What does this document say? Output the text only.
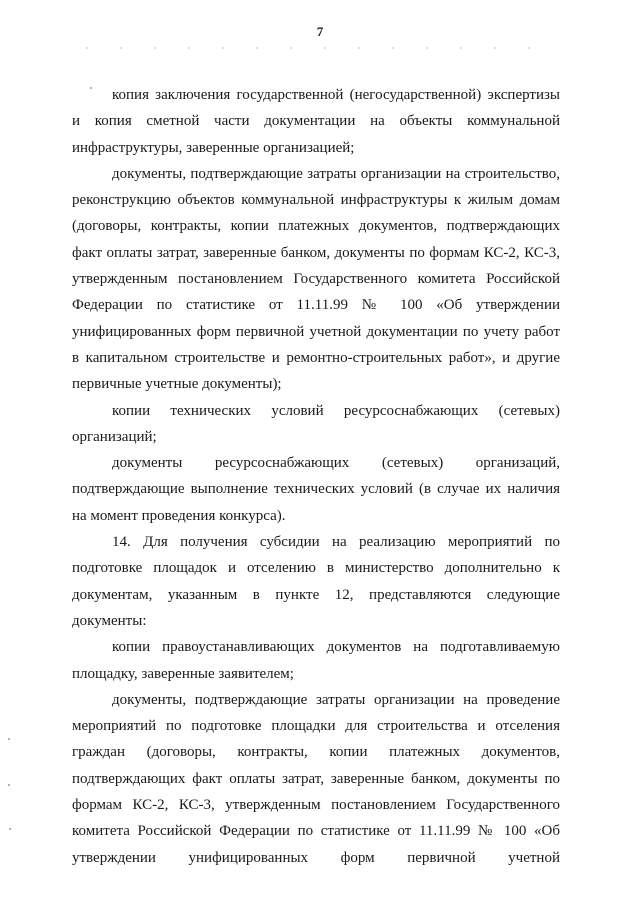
7

копия заключения государственной (негосударственной) экспертизы и копия сметной части документации на объекты коммунальной инфраструктуры, заверенные организацией;

документы, подтверждающие затраты организации на строительство, реконструкцию объектов коммунальной инфраструктуры к жилым домам (договоры, контракты, копии платежных документов, подтверждающих факт оплаты затрат, заверенные банком, документы по формам КС-2, КС-3, утвержденным постановлением Государственного комитета Российской Федерации по статистике от 11.11.99 № 100 «Об утверждении унифицированных форм первичной учетной документации по учету работ в капитальном строительстве и ремонтно-строительных работ», и другие первичные учетные документы);

копии технических условий ресурсоснабжающих (сетевых) организаций;

документы ресурсоснабжающих (сетевых) организаций, подтверждающие выполнение технических условий (в случае их наличия на момент проведения конкурса).

14. Для получения субсидии на реализацию мероприятий по подготовке площадок и отселению в министерство дополнительно к документам, указанным в пункте 12, представляются следующие документы:

копии правоустанавливающих документов на подготавливаемую площадку, заверенные заявителем;

документы, подтверждающие затраты организации на проведение мероприятий по подготовке площадки для строительства и отселения граждан (договоры, контракты, копии платежных документов, подтверждающих факт оплаты затрат, заверенные банком, документы по формам КС-2, КС-3, утвержденным постановлением Государственного комитета Российской Федерации по статистике от 11.11.99 № 100 «Об утверждении унифицированных форм первичной учетной
